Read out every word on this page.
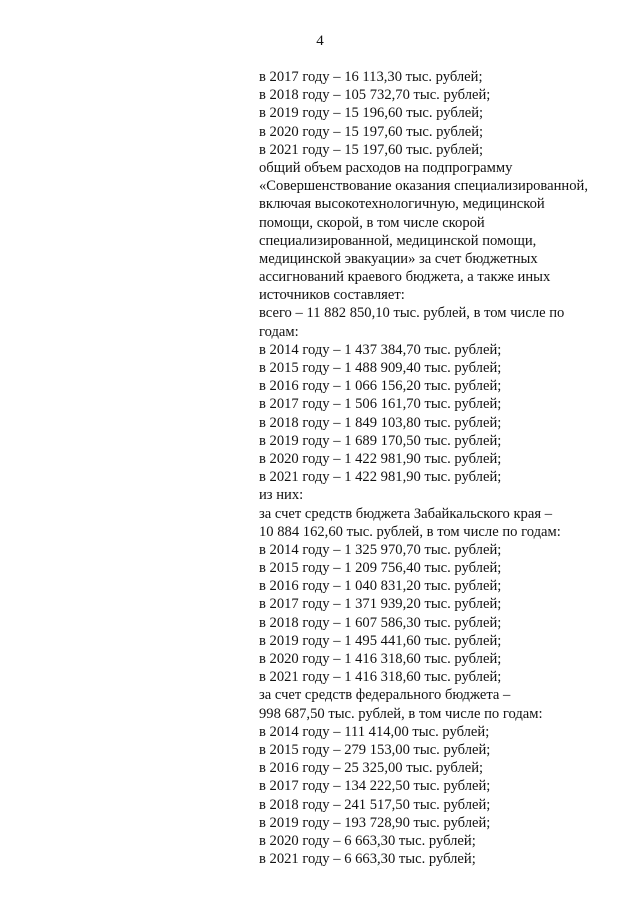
4

в 2017 году – 16 113,30 тыс. рублей;

в 2018 году – 105 732,70 тыс. рублей;

в 2019 году – 15 196,60 тыс. рублей;

в 2020 году – 15 197,60 тыс. рублей;

в 2021 году – 15 197,60 тыс. рублей;

общий объем расходов на подпрограмму

«Совершенствование оказания специализированной,

включая высокотехнологичную, медицинской

помощи, скорой, в том числе скорой

специализированной, медицинской помощи,

медицинской эвакуации» за счет бюджетных

ассигнований краевого бюджета, а также иных

источников составляет:

всего – 11 882 850,10 тыс. рублей, в том числе по

годам:

в 2014 году – 1 437 384,70 тыс. рублей;

в 2015 году – 1 488 909,40 тыс. рублей;

в 2016 году – 1 066 156,20 тыс. рублей;

в 2017 году – 1 506 161,70 тыс. рублей;

в 2018 году – 1 849 103,80 тыс. рублей;

в 2019 году – 1 689 170,50 тыс. рублей;

в 2020 году – 1 422 981,90 тыс. рублей;

в 2021 году – 1 422 981,90 тыс. рублей;

из них:

за счет средств бюджета Забайкальского края –

10 884 162,60 тыс. рублей, в том числе по годам:

в 2014 году – 1 325 970,70 тыс. рублей;

в 2015 году – 1 209 756,40 тыс. рублей;

в 2016 году – 1 040 831,20 тыс. рублей;

в 2017 году – 1 371 939,20 тыс. рублей;

в 2018 году – 1 607 586,30 тыс. рублей;

в 2019 году – 1 495 441,60 тыс. рублей;

в 2020 году – 1 416 318,60 тыс. рублей;

в 2021 году – 1 416 318,60 тыс. рублей;

за счет средств федерального бюджета –

998 687,50 тыс. рублей, в том числе по годам:

в 2014 году – 111 414,00 тыс. рублей;

в 2015 году – 279 153,00 тыс. рублей;

в 2016 году – 25 325,00 тыс. рублей;

в 2017 году – 134 222,50 тыс. рублей;

в 2018 году – 241 517,50 тыс. рублей;

в 2019 году – 193 728,90 тыс. рублей;

в 2020 году – 6 663,30 тыс. рублей;

в 2021 году – 6 663,30 тыс. рублей;
